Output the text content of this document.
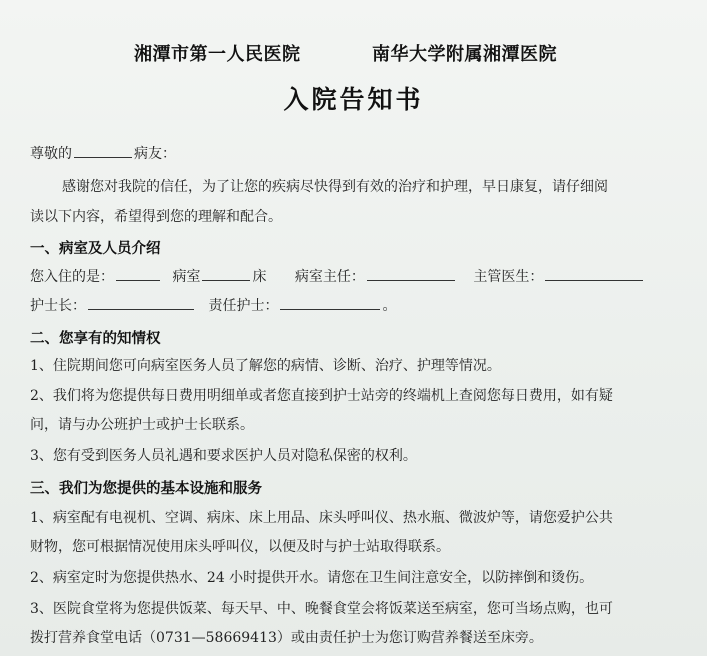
湘潭市第一人民医院	南华大学附属湘潭医院
入院告知书
尊敬的	病友：
感谢您对我院的信任，为了让您的疾病尽快得到有效的治疗和护理，早日康复，请仔细阅
读以下内容，希望得到您的理解和配合。
一、病室及人员介绍
您入住的是：	病室	床 病室主任：	主管医生：
护士长：	责任护士：	。
二、您享有的知情权
1、住院期间您可向病室医务人员了解您的病情、诊断、治疗、护理等情况。
2、我们将为您提供每日费用明细单或者您直接到护士站旁的终端机上查阅您每日费用，如有疑
问，请与办公班护士或护士长联系。
3、您有受到医务人员礼遇和要求医护人员对隐私保密的权利。
三、我们为您提供的基本设施和服务
1、病室配有电视机、空调、病床、床上用品、床头呼叫仪、热水瓶、微波炉等，请您爱护公共
财物，您可根据情况使用床头呼叫仪，以便及时与护士站取得联系。
2、病室定时为您提供热水、24 小时提供开水。请您在卫生间注意安全，以防摔倒和烫伤。
3、医院食堂将为您提供饭菜、每天早、中、晚餐食堂会将饭菜送至病室，您可当场点购，也可
拨打营养食堂电话（0731—58669413）或由责任护士为您订购营养餐送至床旁。
